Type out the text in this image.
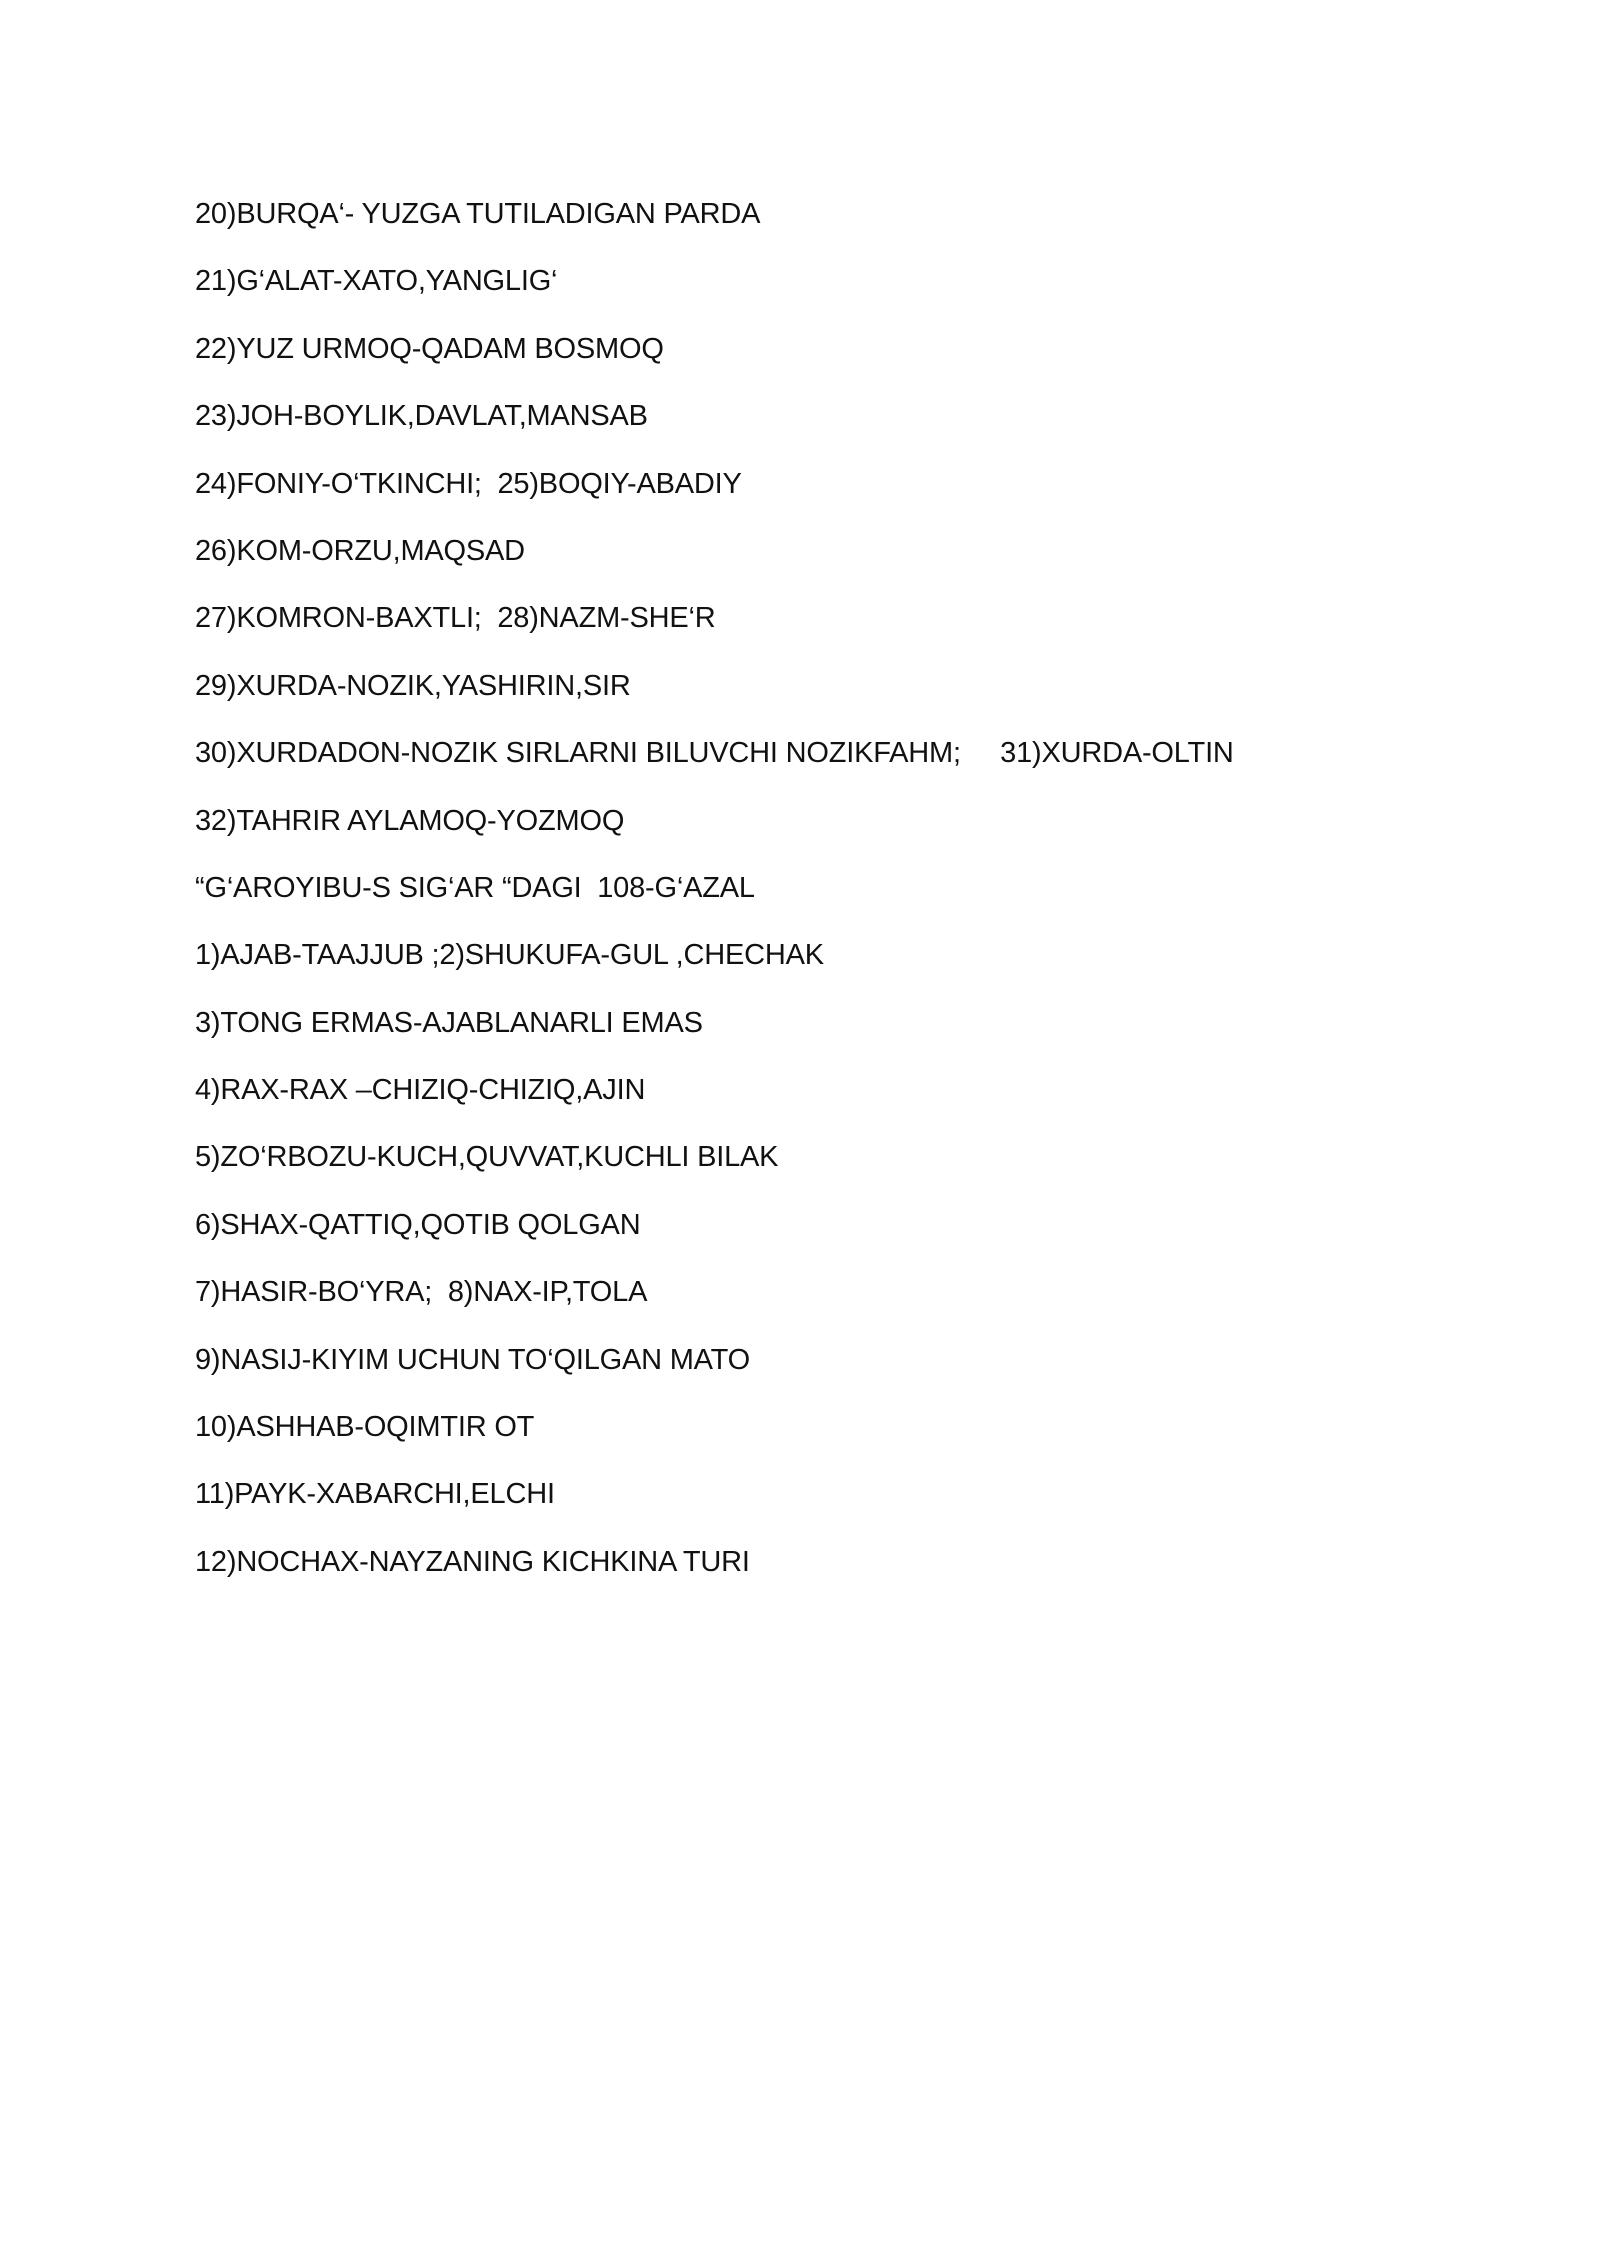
20)BURQA‘- YUZGA TUTILADIGAN PARDA
21)G‘ALAT-XATO,YANGLIG‘
22)YUZ URMOQ-QADAM BOSMOQ
23)JOH-BOYLIK,DAVLAT,MANSAB
24)FONIY-O‘TKINCHI;  25)BOQIY-ABADIY
26)KOM-ORZU,MAQSAD
27)KOMRON-BAXTLI;  28)NAZM-SHE‘R
29)XURDA-NOZIK,YASHIRIN,SIR
30)XURDADON-NOZIK SIRLARNI BILUVCHI NOZIKFAHM;     31)XURDA-OLTIN
32)TAHRIR AYLAMOQ-YOZMOQ
“G‘AROYIBU-S SIG‘AR “DAGI  108-G‘AZAL
1)AJAB-TAAJJUB ;2)SHUKUFA-GUL ,CHECHAK
3)TONG ERMAS-AJABLANARLI EMAS
4)RAX-RAX –CHIZIQ-CHIZIQ,AJIN
5)ZO‘RBOZU-KUCH,QUVVAT,KUCHLI BILAK
6)SHAX-QATTIQ,QOTIB QOLGAN
7)HASIR-BO‘YRA;  8)NAX-IP,TOLA
9)NASIJ-KIYIM UCHUN TO‘QILGAN MATO
10)ASHHAB-OQIMTIR OT
11)PAYK-XABARCHI,ELCHI
12)NOCHAX-NAYZANING KICHKINA TURI
